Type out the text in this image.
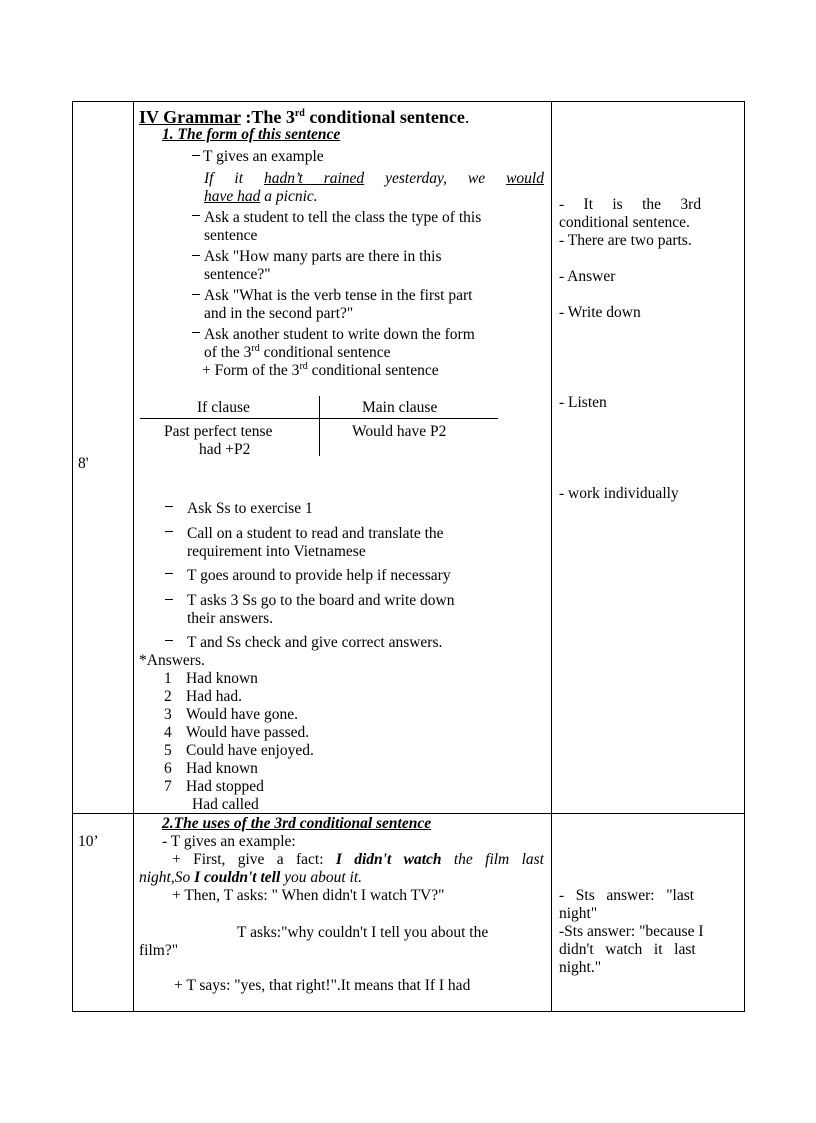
8'
10’
IV Grammar :The 3rd conditional sentence.
1. The form of this sentence
T gives an example
If it hadn’t rained yesterday, we would
have had a picnic.
Ask a student to tell the class the type of this
sentence
Ask "How many parts are there in this
sentence?"
Ask "What is the verb tense in the first part
and in the second part?"
Ask another student to write down the form
of the 3rd conditional sentence
+ Form of the 3rd conditional sentence
If clause	Main clause
Past perfect tense
had +P2
Would have P2
Ask Ss to exercise 1
Call on a student to read and translate the
requirement into Vietnamese
T goes around to provide help if necessary
T asks 3 Ss go to the board and write down
their answers.
T and Ss check and give correct answers.
*Answers.
1 Had known
2 Had had.
3 Would have gone.
4 Would have passed.
5 Could have enjoyed.
6 Had known
7 Had stopped
Had called
-     It     is     the     3rd
conditional sentence.
- There are two parts.
- Answer
- Write down
- Listen
- work individually
2.The uses of the 3rd conditional sentence
- T gives an example:
+ First, give a fact: I didn't watch the film last
night,So I couldn't tell you about it.
+ Then, T asks: " When didn't I watch TV?"
T asks:"why couldn't I tell you about the
film?"
+ T says: "yes, that right!".It means that If I had
-   Sts   answer:   "last
night"
-Sts answer: "because I
didn't   watch   it   last
night."
